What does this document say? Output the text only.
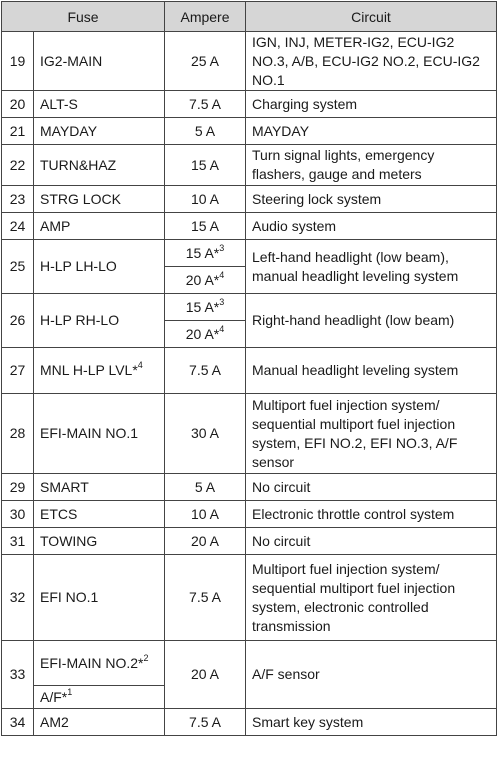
Fuse		Ampere	Circuit
19	IG2-MAIN	25 A	IGN, INJ, METER-IG2, ECU-IG2 NO.3, A/B, ECU-IG2 NO.2, ECU-IG2 NO.1
20	ALT-S	7.5 A	Charging system
21	MAYDAY	5 A	MAYDAY
22	TURN&HAZ	15 A	Turn signal lights, emergency flashers, gauge and meters
23	STRG LOCK	10 A	Steering lock system
24	AMP	15 A	Audio system
25	H-LP LH-LO	15 A*$^3$	Left-hand headlight (low beam), manual headlight leveling system
		20 A*$^4$
26	H-LP RH-LO	15 A*$^3$	Right-hand headlight (low beam)
		20 A*$^4$
27	MNL H-LP LVL*$^4$	7.5 A	Manual headlight leveling system
28	EFI-MAIN NO.1	30 A	Multiport fuel injection system/ sequential multiport fuel injection system, EFI NO.2, EFI NO.3, A/F sensor
29	SMART	5 A	No circuit
30	ETCS	10 A	Electronic throttle control system
31	TOWING	20 A	No circuit
32	EFI NO.1	7.5 A	Multiport fuel injection system/ sequential multiport fuel injection system, electronic controlled transmission
33	EFI-MAIN NO.2*$^2$	20 A	A/F sensor
	A/F*$^1$
34	AM2	7.5 A	Smart key system
